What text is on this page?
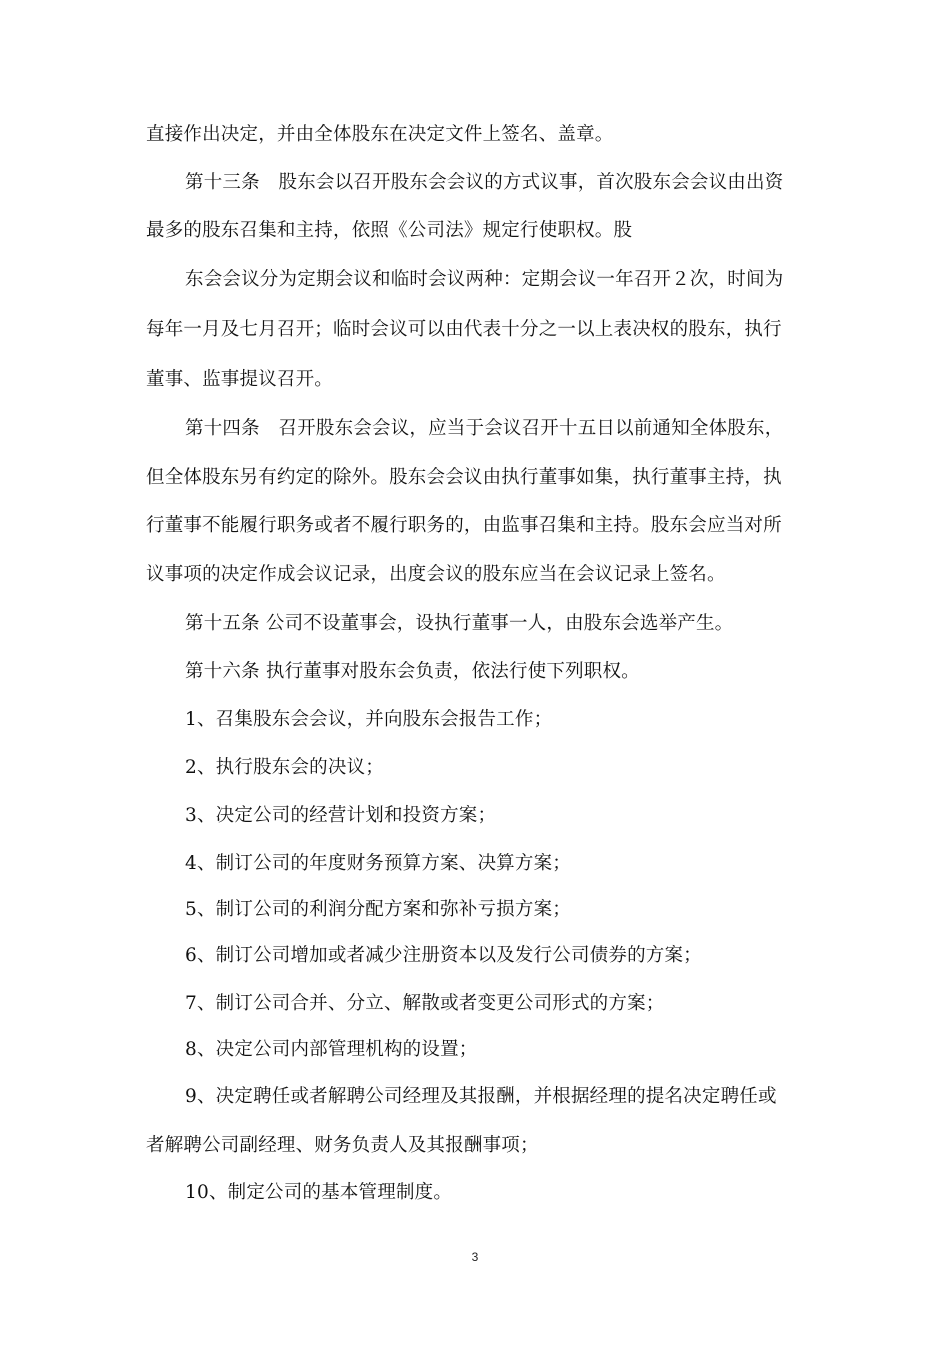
直接作出决定，并由全体股东在决定文件上签名、盖章。
第十三条　股东会以召开股东会会议的方式议事，首次股东会会议由出资
最多的股东召集和主持，依照《公司法》规定行使职权。股
东会会议分为定期会议和临时会议两种：定期会议一年召开２次，时间为
每年一月及七月召开；临时会议可以由代表十分之一以上表决权的股东，执行
董事、监事提议召开。
第十四条　召开股东会会议，应当于会议召开十五日以前通知全体股东，
但全体股东另有约定的除外。股东会会议由执行董事如集，执行董事主持，执
行董事不能履行职务或者不履行职务的，由监事召集和主持。股东会应当对所
议事项的决定作成会议记录，出度会议的股东应当在会议记录上签名。
第十五条 公司不设董事会，设执行董事一人，由股东会选举产生。
第十六条 执行董事对股东会负责，依法行使下列职权。
1、召集股东会会议，并向股东会报告工作；
2、执行股东会的决议；
3、决定公司的经营计划和投资方案；
4、制订公司的年度财务预算方案、决算方案；
5、制订公司的利润分配方案和弥补亏损方案；
6、制订公司增加或者减少注册资本以及发行公司债券的方案；
7、制订公司合并、分立、解散或者变更公司形式的方案；
8、决定公司内部管理机构的设置；
9、决定聘任或者解聘公司经理及其报酬，并根据经理的提名决定聘任或
者解聘公司副经理、财务负责人及其报酬事项；
10、制定公司的基本管理制度。
3
